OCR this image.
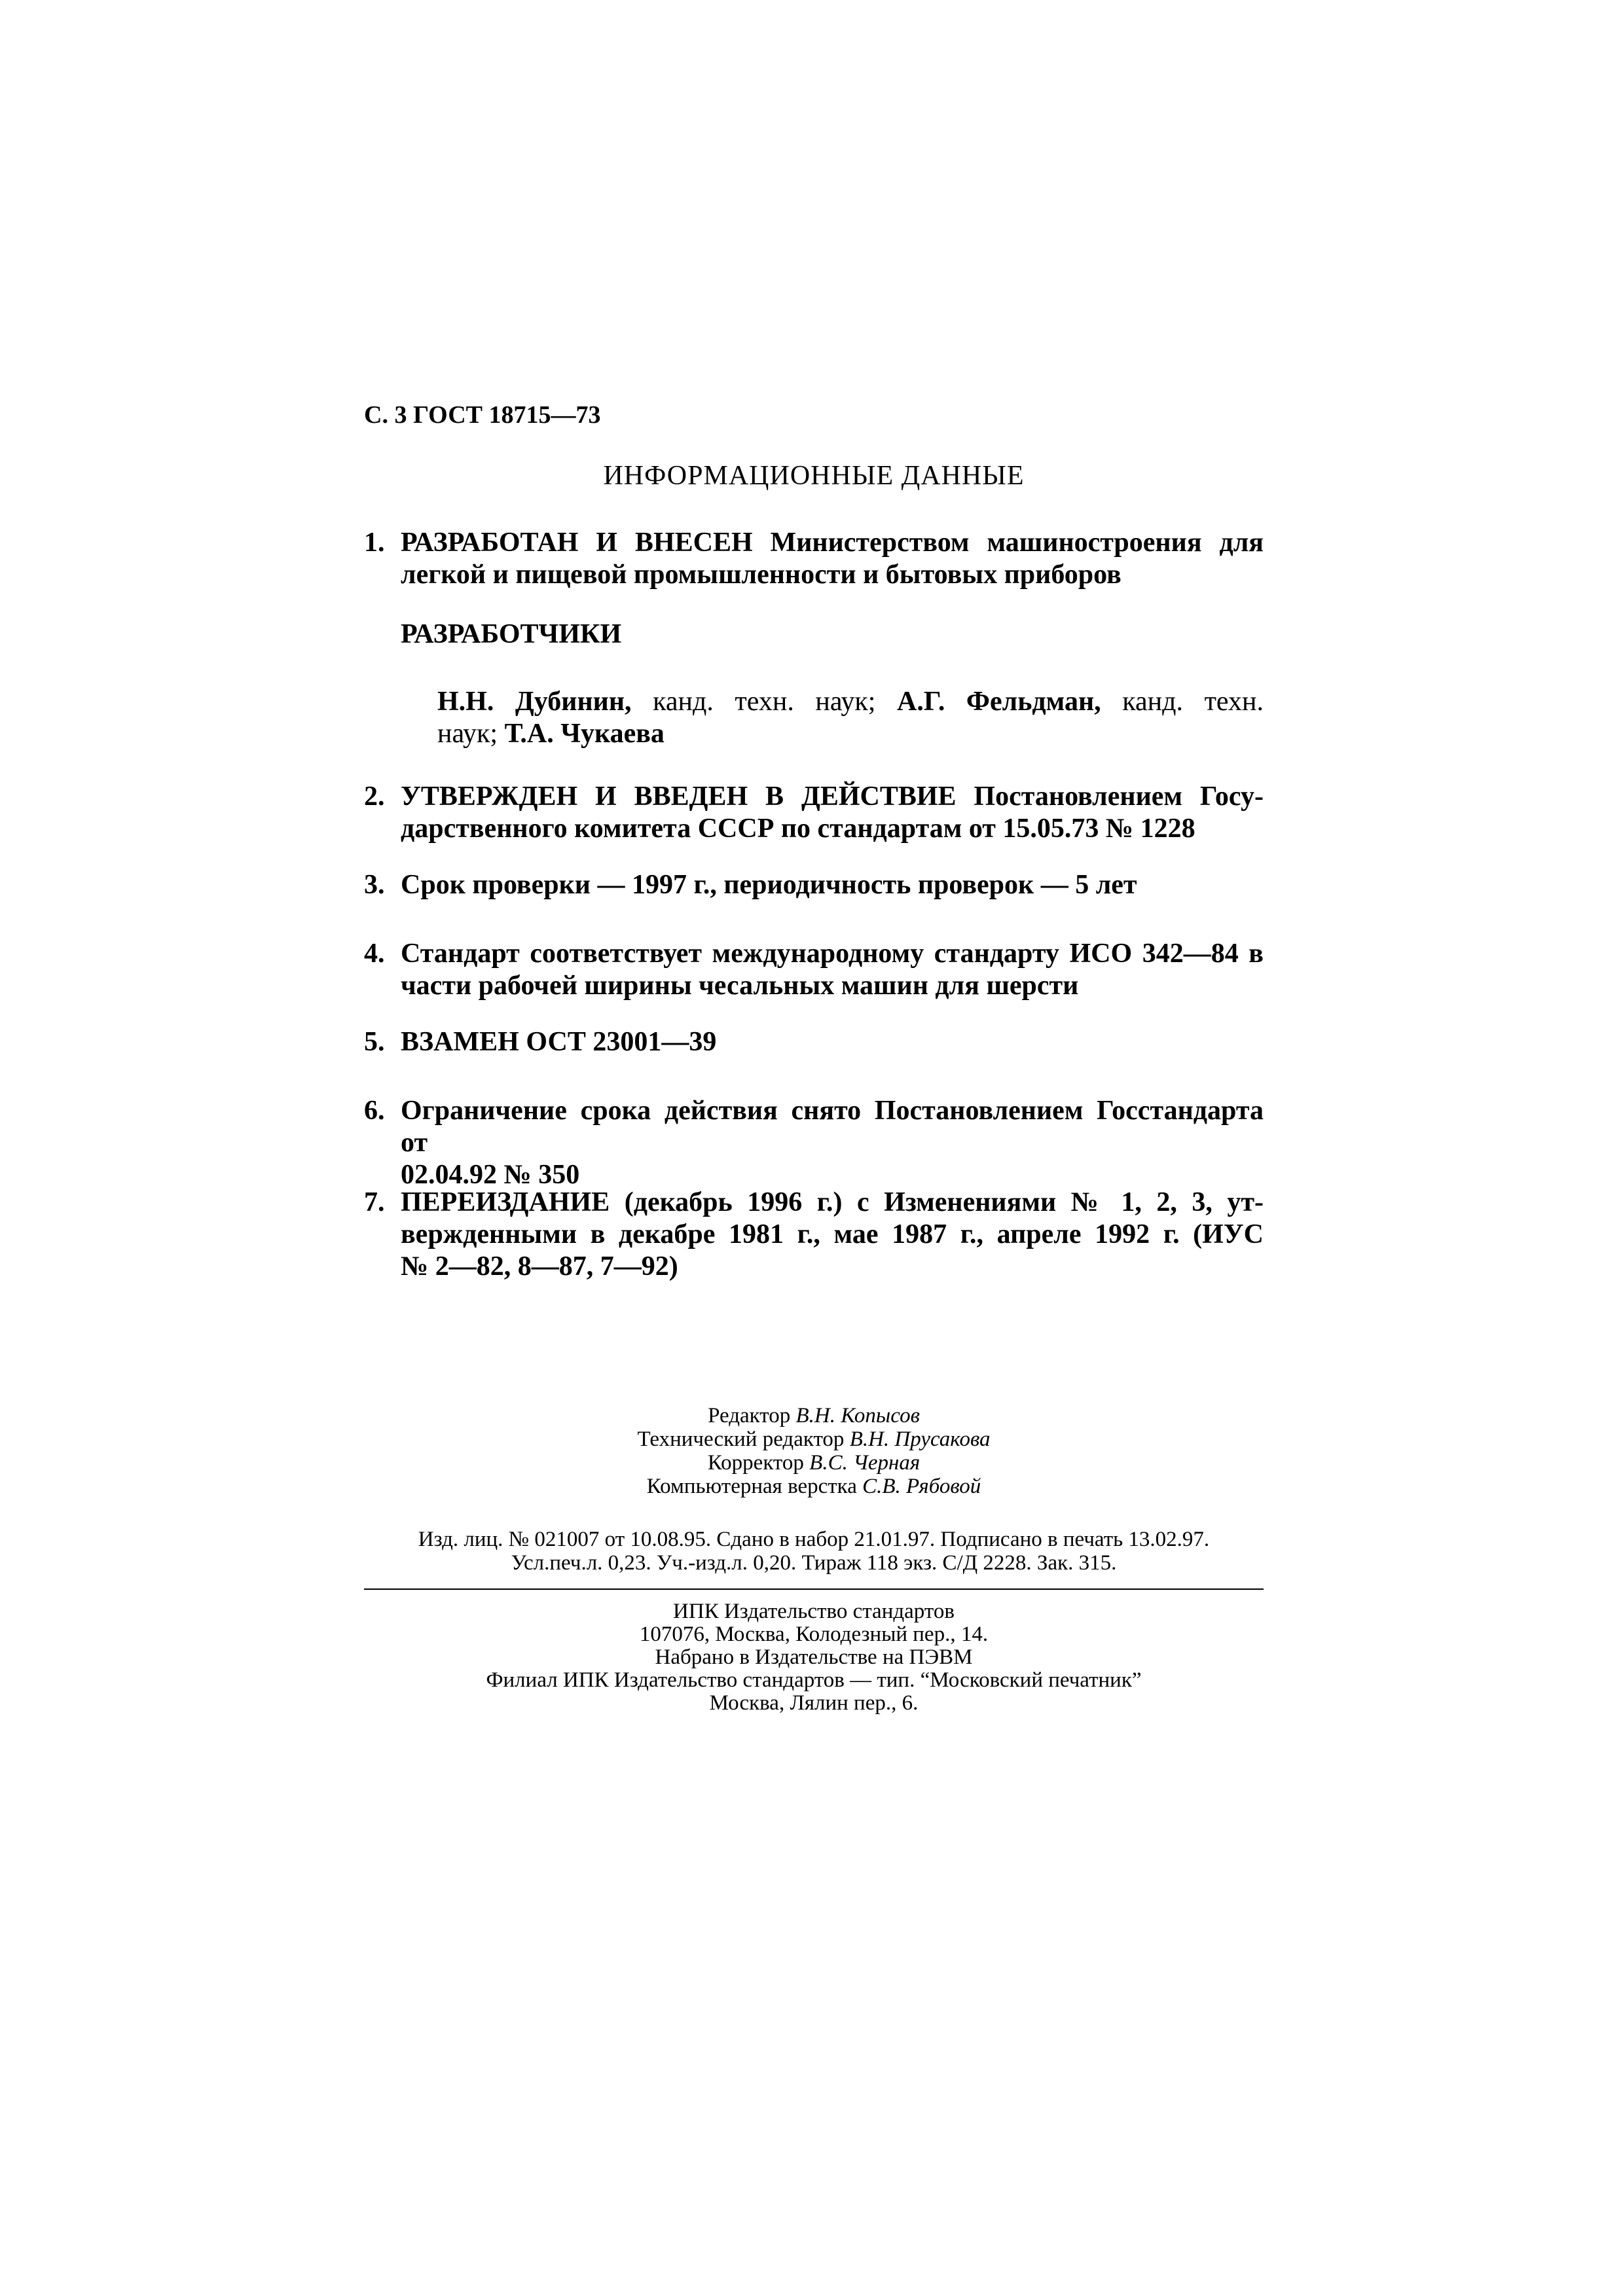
С. 3 ГОСТ 18715—73
ИНФОРМАЦИОННЫЕ ДАННЫЕ
1. РАЗРАБОТАН И ВНЕСЕН Министерством машиностроения для
легкой и пищевой промышленности и бытовых приборов
РАЗРАБОТЧИКИ
Н.Н. Дубинин, канд. техн. наук; А.Г. Фельдман, канд. техн.
наук; Т.А. Чукаева
2. УТВЕРЖДЕН И ВВЕДЕН В ДЕЙСТВИЕ Постановлением Госу-
дарственного комитета СССР по стандартам от 15.05.73 № 1228
3. Срок проверки — 1997 г., периодичность проверок — 5 лет
4. Стандарт соответствует международному стандарту ИСО 342—84 в
части рабочей ширины чесальных машин для шерсти
5. ВЗАМЕН ОСТ 23001—39
6. Ограничение срока действия снято Постановлением Госстандарта от
02.04.92 № 350
7. ПЕРЕИЗДАНИЕ (декабрь 1996 г.) с Изменениями № 1, 2, 3, ут-
вержденными в декабре 1981 г., мае 1987 г., апреле 1992 г. (ИУС
№ 2—82, 8—87, 7—92)
Редактор В.Н. Копысов
Технический редактор В.Н. Прусакова
Корректор В.С. Черная
Компьютерная верстка С.В. Рябовой
Изд. лиц. № 021007 от 10.08.95. Сдано в набор 21.01.97. Подписано в печать 13.02.97.
Усл.печ.л. 0,23. Уч.-изд.л. 0,20. Тираж 118 экз. С/Д 2228. Зак. 315.
ИПК Издательство стандартов
107076, Москва, Колодезный пер., 14.
Набрано в Издательстве на ПЭВМ
Филиал ИПК Издательство стандартов — тип. “Московский печатник”
Москва, Лялин пер., 6.
